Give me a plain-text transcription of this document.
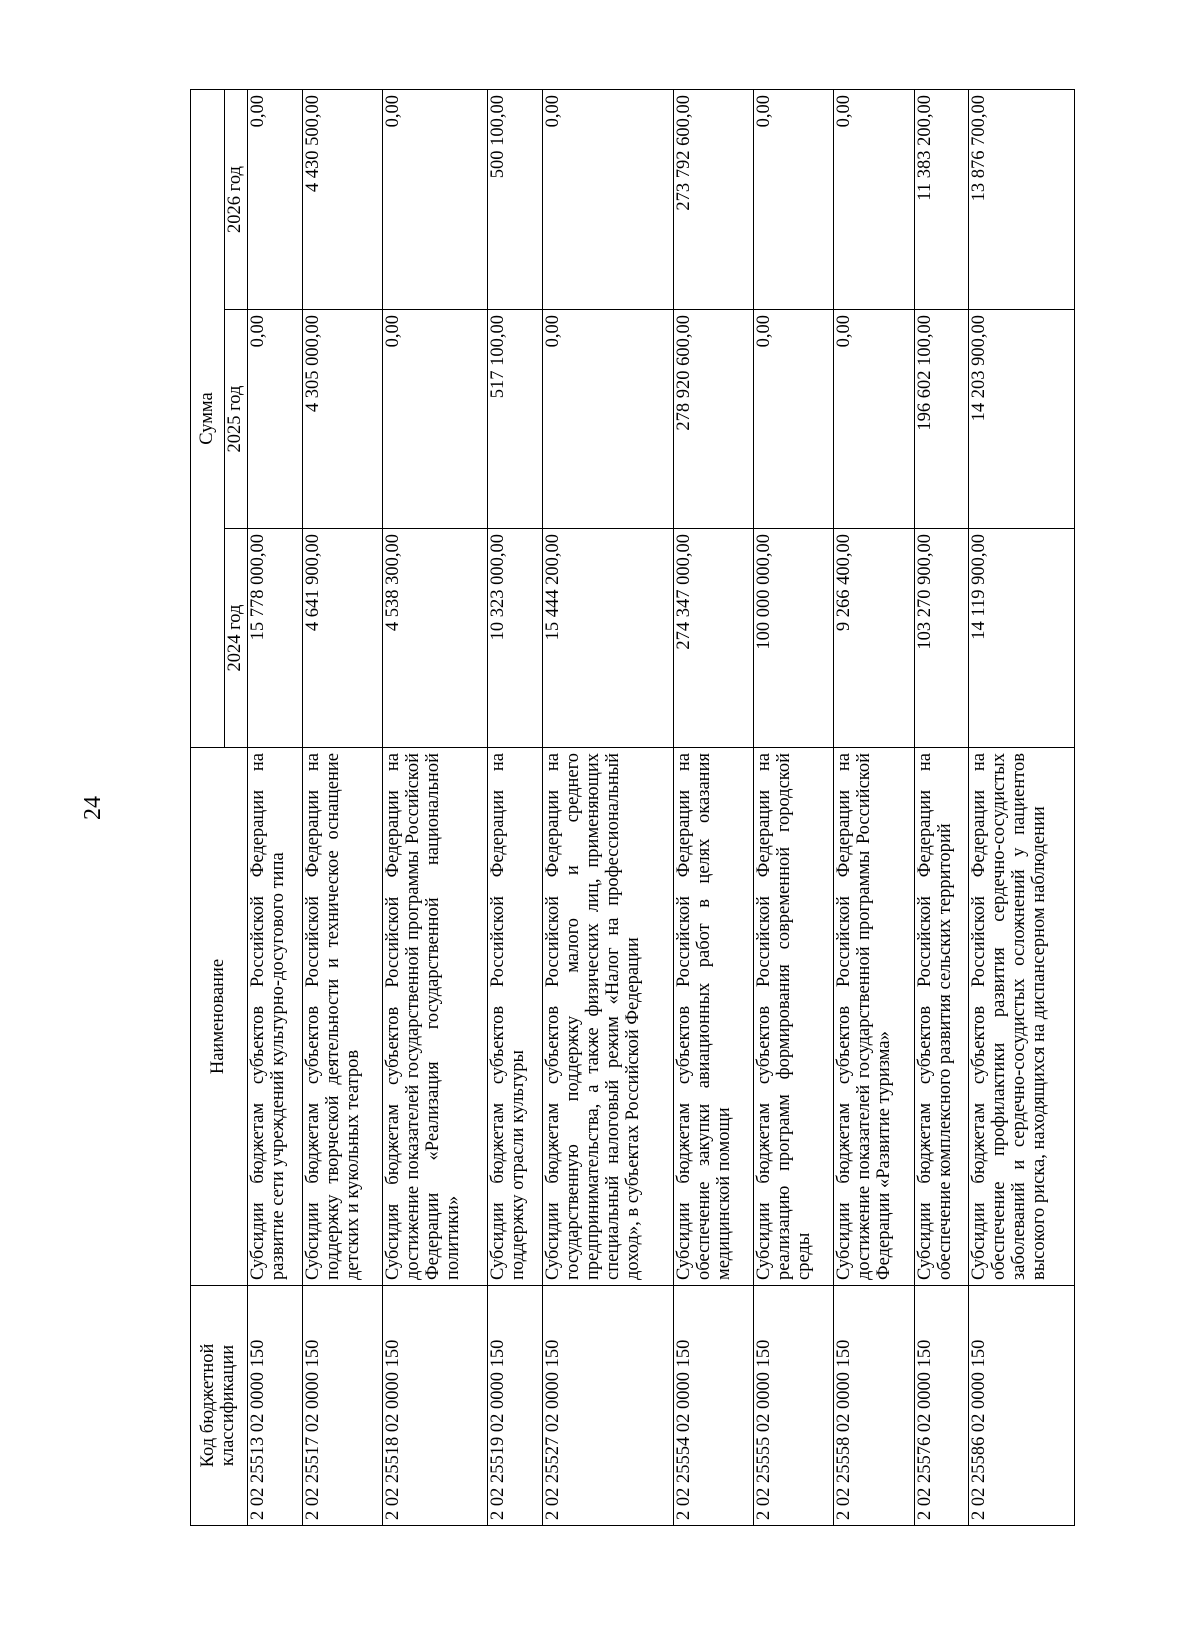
24
Код бюджетной классификации	Наименование	Сумма		
		2024 год	2025 год	2026 год
2 02 25513 02 0000 150	Субсидии бюджетам субъектов Российской Федерации на развитие сети учреждений культурно-досугового типа	15 778 000,00	0,00	0,00
2 02 25517 02 0000 150	Субсидии бюджетам субъектов Российской Федерации на поддержку творческой деятельности и техническое оснащение детских и кукольных театров	4 641 900,00	4 305 000,00	4 430 500,00
2 02 25518 02 0000 150	Субсидия бюджетам субъектов Российской Федерации на достижение показателей государственной программы Российской Федерации «Реализация государственной национальной политики»	4 538 300,00	0,00	0,00
2 02 25519 02 0000 150	Субсидии бюджетам субъектов Российской Федерации на поддержку отрасли культуры	10 323 000,00	517 100,00	500 100,00
2 02 25527 02 0000 150	Субсидии бюджетам субъектов Российской Федерации на государственную поддержку малого и среднего предпринимательства, а также физических лиц, применяющих специальный налоговый режим «Налог на профессиональный доход», в субъектах Российской Федерации	15 444 200,00	0,00	0,00
2 02 25554 02 0000 150	Субсидии бюджетам субъектов Российской Федерации на обеспечение закупки авиационных работ в целях оказания медицинской помощи	274 347 000,00	278 920 600,00	273 792 600,00
2 02 25555 02 0000 150	Субсидии бюджетам субъектов Российской Федерации на реализацию программ формирования современной городской среды	100 000 000,00	0,00	0,00
2 02 25558 02 0000 150	Субсидии бюджетам субъектов Российской Федерации на достижение показателей государственной программы Российской Федерации «Развитие туризма»	9 266 400,00	0,00	0,00
2 02 25576 02 0000 150	Субсидии бюджетам субъектов Российской Федерации на обеспечение комплексного развития сельских территорий	103 270 900,00	196 602 100,00	11 383 200,00
2 02 25586 02 0000 150	Субсидии бюджетам субъектов Российской Федерации на обеспечение профилактики развития сердечно-сосудистых заболеваний и сердечно-сосудистых осложнений у пациентов высокого риска, находящихся на диспансерном наблюдении	14 119 900,00	14 203 900,00	13 876 700,00
